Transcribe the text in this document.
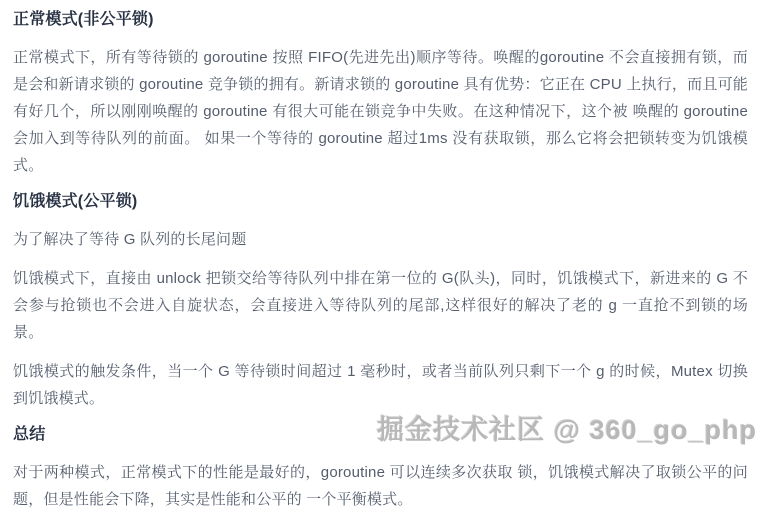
正常模式(非公平锁)

正常模式下，所有等待锁的 goroutine 按照 FIFO(先进先出)顺序等待。唤醒的goroutine 不会直接拥有锁，而是会和新请求锁的 goroutine 竞争锁的拥有。新请求锁的 goroutine 具有优势：它正在 CPU 上执行，而且可能有好几个，所以刚刚唤醒的 goroutine 有很大可能在锁竞争中失败。在这种情况下，这个被 唤醒的 goroutine 会加入到等待队列的前面。 如果一个等待的 goroutine 超过1ms 没有获取锁，那么它将会把锁转变为饥饿模式。

饥饿模式(公平锁)

为了解决了等待 G 队列的长尾问题

饥饿模式下，直接由 unlock 把锁交给等待队列中排在第一位的 G(队头)，同时，饥饿模式下，新进来的 G 不会参与抢锁也不会进入自旋状态，会直接进入等待队列的尾部,这样很好的解决了老的 g 一直抢不到锁的场景。

饥饿模式的触发条件，当一个 G 等待锁时间超过 1 毫秒时，或者当前队列只剩下一个 g 的时候，Mutex 切换到饥饿模式。

总结

对于两种模式，正常模式下的性能是最好的，goroutine 可以连续多次获取 锁，饥饿模式解决了取锁公平的问题，但是性能会下降，其实是性能和公平的 一个平衡模式。

掘金技术社区 @ 360_go_php
